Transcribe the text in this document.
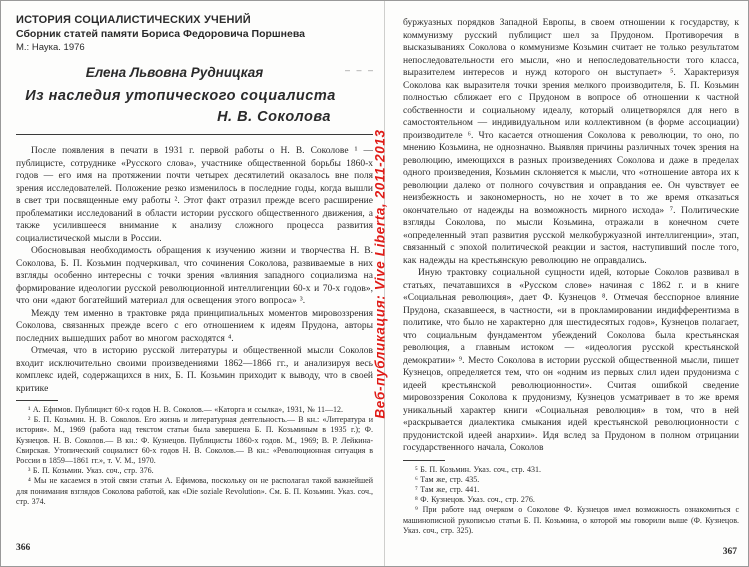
ИСТОРИЯ СОЦИАЛИСТИЧЕСКИХ УЧЕНИЙ
Сборник статей памяти Бориса Федоровича Поршнева
М.: Наука. 1976
Елена Львовна Рудницкая
Из наследия утопического социалиста
Н. В. Соколова
– – –

После появления в печати в 1931 г. первой работы о Н. В. Соколове ¹ — публицисте, сотруднике «Русского слова», участнике общественной борьбы 1860-х годов — его имя на протяжении почти четырех десятилетий оказалось вне поля зрения исследователей. Положение резко изменилось в последние годы, когда вышли в свет три посвященные ему работы ². Этот факт отразил прежде всего расширение проблематики исследований в области истории русского общественного движения, а также усилившееся внимание к анализу сложного процесса развития социалистической мысли в России.

Обосновывая необходимость обращения к изучению жизни и творчества Н. В. Соколова, Б. П. Козьмин подчеркивал, что сочинения Соколова, развиваемые в них взгляды особенно интересны с точки зрения «влияния западного социализма на формирование идеологии русской революционной интеллигенции 60-х и 70-х годов», что они «дают богатейший материал для освещения этого вопроса» ³.

Между тем именно в трактовке ряда принципиальных моментов мировоззрения Соколова, связанных прежде всего с его отношением к идеям Прудона, авторы последних вышедших работ во многом расходятся ⁴.

Отмечая, что в историю русской литературы и общественной мысли Соколов входит исключительно своими произведениями 1862—1866 гг., и анализируя весь комплекс идей, содержащихся в них, Б. П. Козьмин приходит к выводу, что в своей критике

¹ А. Ефимов. Публицист 60-х годов Н. В. Соколов.— «Каторга и ссылка», 1931, № 11—12.

² Б. П. Козьмин. Н. В. Соколов. Его жизнь и литературная деятельность.— В кн.: «Литература и история». М., 1969 (работа над текстом статьи была завершена Б. П. Козьминым в 1935 г.); Ф. Кузнецов. Н. В. Соколов.— В кн.: Ф. Кузнецов. Публицисты 1860-х годов. М., 1969; В. Р. Лейкина-Свирская. Утопический социалист 60-х годов Н. В. Соколов.— В кн.: «Революционная ситуация в России в 1859—1861 гг.», т. V. М., 1970.

³ Б. П. Козьмин. Указ. соч., стр. 376.

⁴ Мы не касаемся в этой связи статьи А. Ефимова, поскольку он не располагал такой важнейшей для понимания взглядов Соколова работой, как «Die soziale Revolution». См. Б. П. Козьмин. Указ. соч., стр. 374.

366
Веб-публикация: Vive Liberta, 2011-2013

буржуазных порядков Западной Европы, в своем отношении к государству, к коммунизму русский публицист шел за Прудоном. Противоречия в высказываниях Соколова о коммунизме Козьмин считает не только результатом непоследовательности его мысли, «но и непоследовательности того класса, выразителем интересов и нужд которого он выступает» ⁵. Характеризуя Соколова как выразителя точки зрения мелкого производителя, Б. П. Козьмин полностью сближает его с Прудоном в вопросе об отношении к частной собственности и социальному идеалу, который олицетворялся для него в самостоятельном — индивидуальном или коллективном (в форме ассоциации) производителе ⁶. Что касается отношения Соколова к революции, то оно, по мнению Козьмина, не однозначно. Выявляя причины различных точек зрения на революцию, имеющихся в разных произведениях Соколова и даже в пределах одного произведения, Козьмин склоняется к мысли, что «отношение автора их к революции далеко от полного сочувствия и оправдания ее. Он чувствует ее неизбежность и закономерность, но не хочет в то же время отказаться окончательно от надежды на возможность мирного исхода» ⁷. Политические взгляды Соколова, по мысли Козьмина, отражали в конечном счете «определенный этап развития русской мелкобуржуазной интеллигенции», этап, связанный с эпохой политической реакции и застоя, наступивший после того, как надежды на крестьянскую революцию не оправдались.

Иную трактовку социальной сущности идей, которые Соколов развивал в статьях, печатавшихся в «Русском слове» начиная с 1862 г. и в книге «Социальная революция», дает Ф. Кузнецов ⁸. Отмечая бесспорное влияние Прудона, сказавшееся, в частности, «и в прокламировании индифферентизма в политике, что было не характерно для шестидесятых годов», Кузнецов полагает, что социальным фундаментом убеждений Соколова была крестьянская революция, а главным истоком — «идеология русской крестьянской демократии» ⁹. Место Соколова в истории русской общественной мысли, пишет Кузнецов, определяется тем, что он «одним из первых слил идеи прудонизма с идеей крестьянской революционности». Считая ошибкой сведение мировоззрения Соколова к прудонизму, Кузнецов усматривает в то же время уникальный характер книги «Социальная революция» в том, что в ней «раскрывается диалектика смыкания идей крестьянской революционности с прудонистской идеей анархии». Идя вслед за Прудоном в полном отрицании государственного начала, Соколов

⁵ Б. П. Козьмин. Указ. соч., стр. 431.

⁶ Там же, стр. 435.

⁷ Там же, стр. 441.

⁸ Ф. Кузнецов. Указ. соч., стр. 276.

⁹ При работе над очерком о Соколове Ф. Кузнецов имел возможность ознакомиться с машинописной рукописью статьи Б. П. Козьмина, о которой мы говорили выше (Ф. Кузнецов. Указ. соч., стр. 325).

367
